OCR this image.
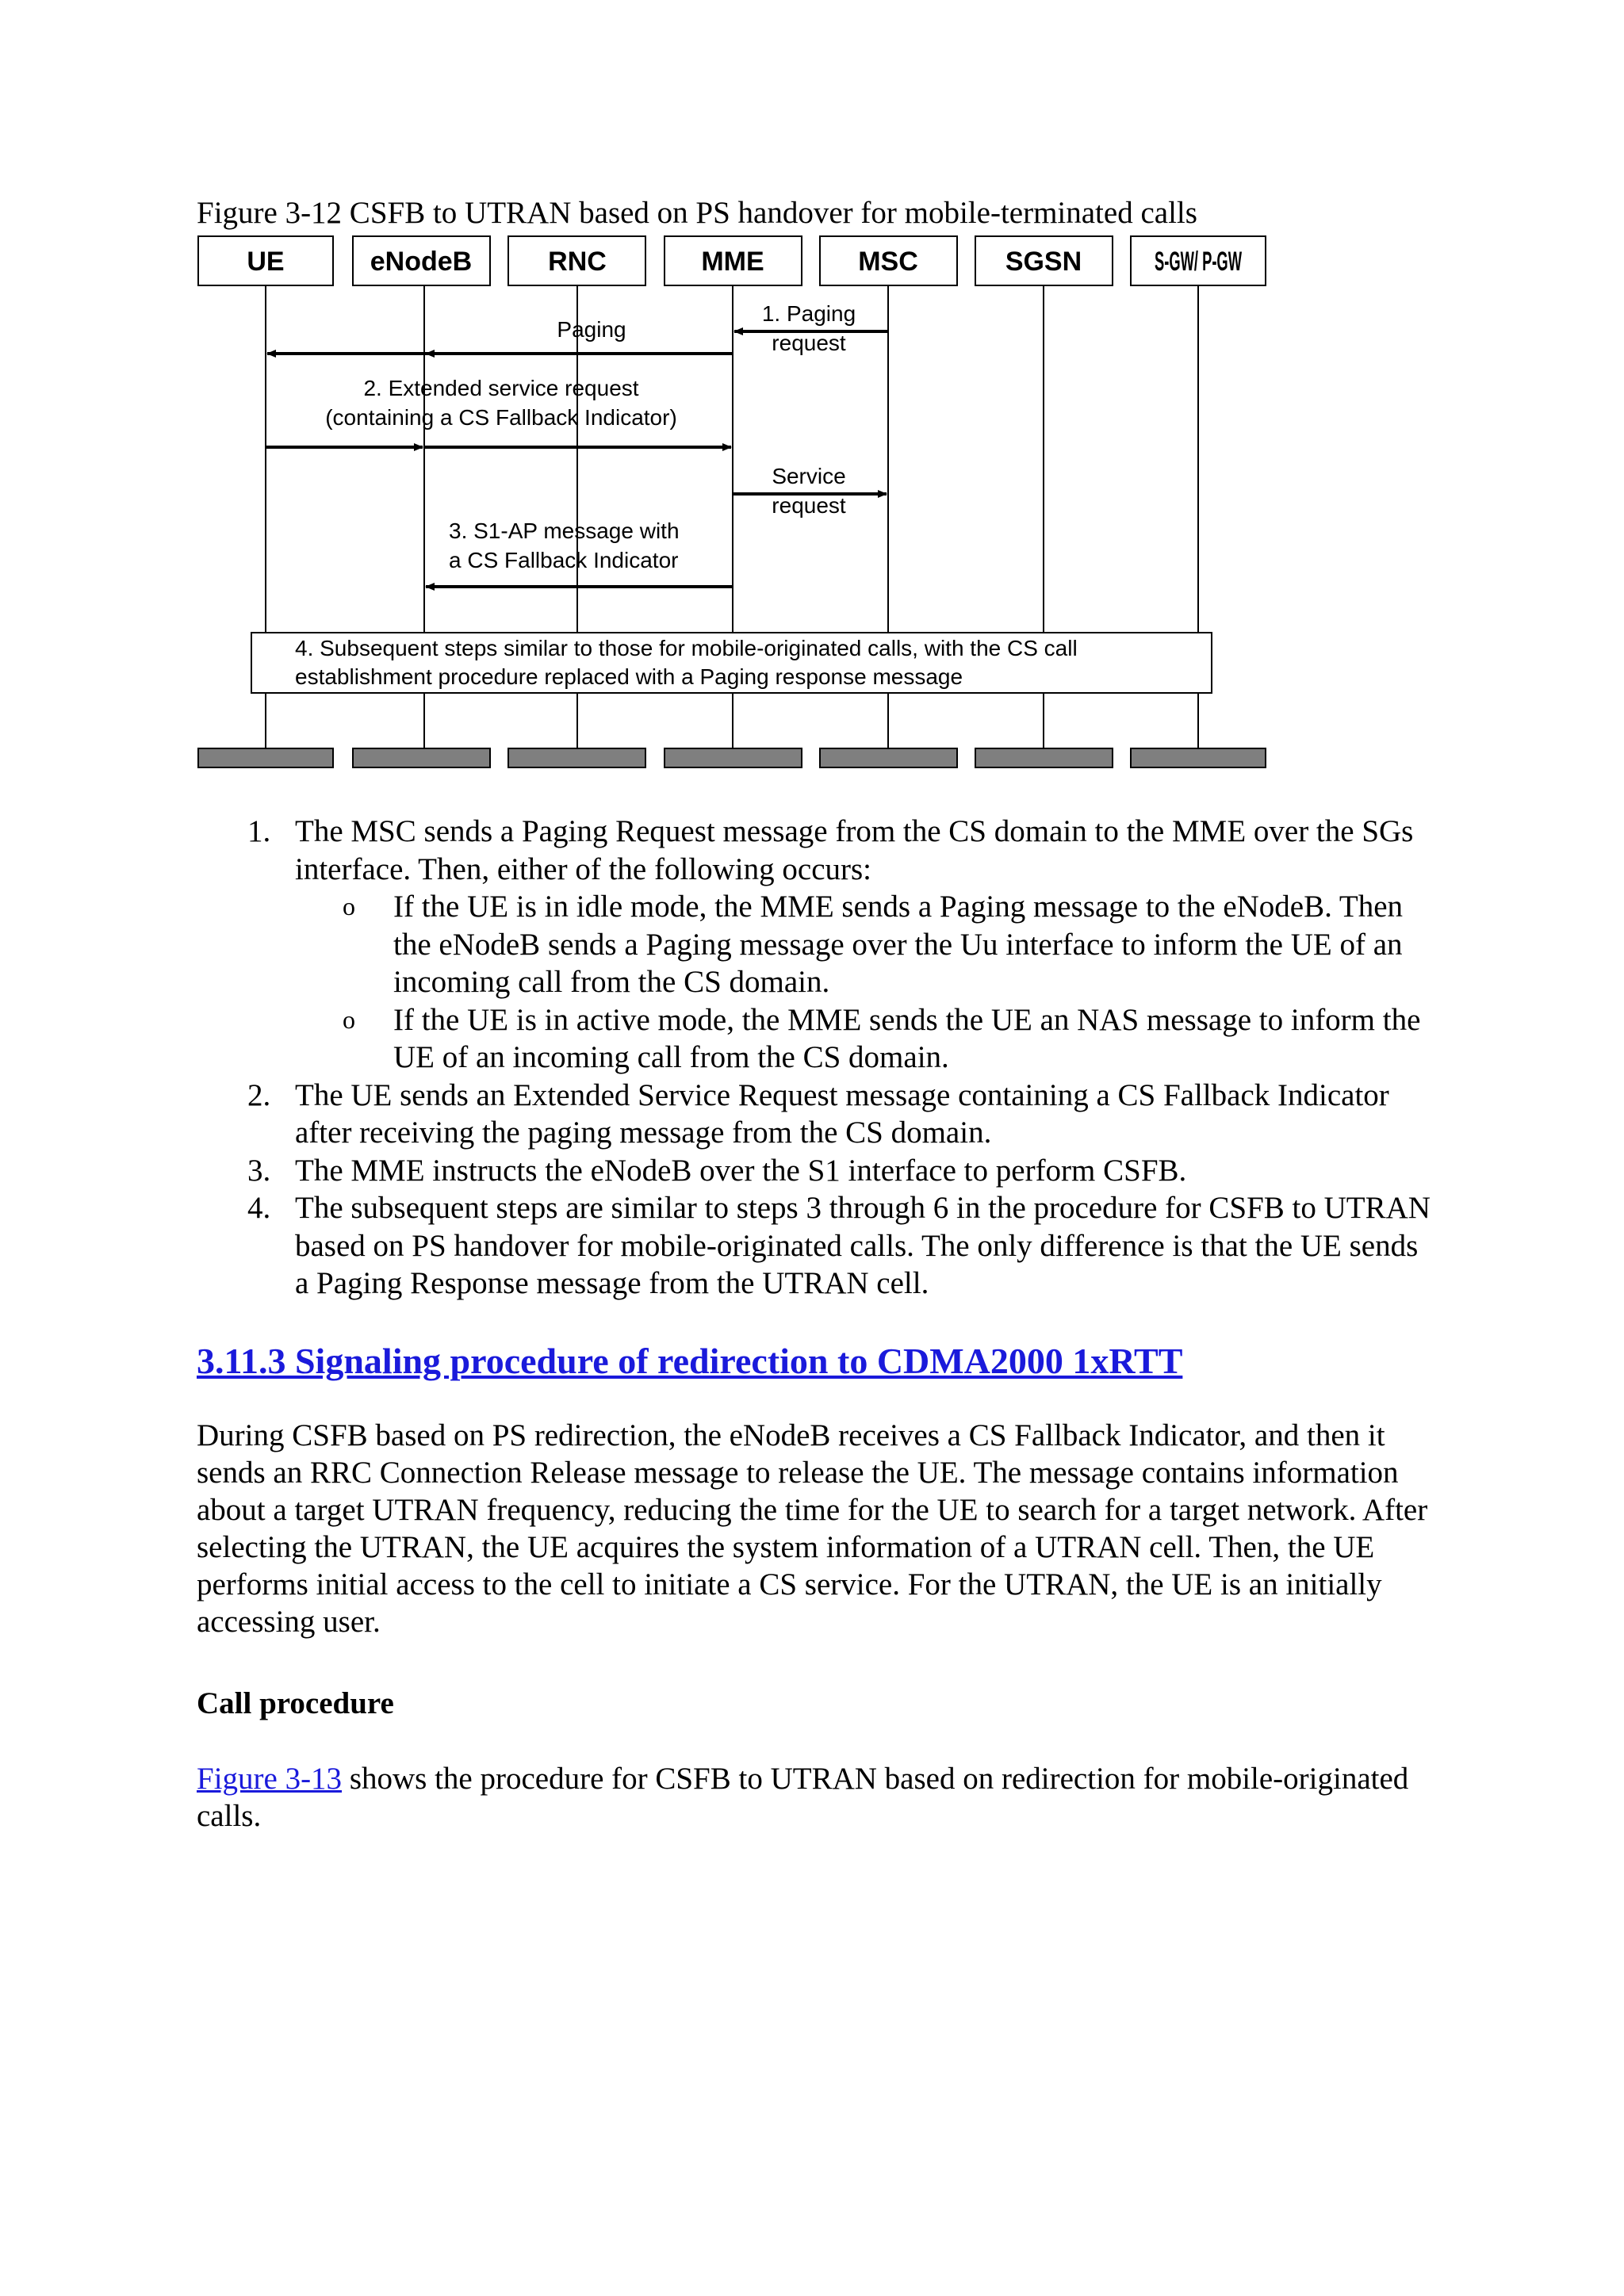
Figure 3-12 CSFB to UTRAN based on PS handover for mobile-terminated calls
UE	eNodeB	RNC	MME	MSC	SGSN	S-GW/ P-GW
1. Paging
request
Paging
2. Extended service request
(containing a CS Fallback Indicator)
Service
request
3. S1-AP message with
a CS Fallback Indicator
4. Subsequent steps similar to those for mobile-originated calls, with the CS call
establishment procedure replaced with a Paging response message
1. The MSC sends a Paging Request message from the CS domain to the MME over the SGs interface. Then, either of the following occurs:
o If the UE is in idle mode, the MME sends a Paging message to the eNodeB. Then the eNodeB sends a Paging message over the Uu interface to inform the UE of an incoming call from the CS domain.
o If the UE is in active mode, the MME sends the UE an NAS message to inform the UE of an incoming call from the CS domain.
2. The UE sends an Extended Service Request message containing a CS Fallback Indicator after receiving the paging message from the CS domain.
3. The MME instructs the eNodeB over the S1 interface to perform CSFB.
4. The subsequent steps are similar to steps 3 through 6 in the procedure for CSFB to UTRAN based on PS handover for mobile-originated calls. The only difference is that the UE sends a Paging Response message from the UTRAN cell.
3.11.3 Signaling procedure of redirection to CDMA2000 1xRTT

During CSFB based on PS redirection, the eNodeB receives a CS Fallback Indicator, and then it sends an RRC Connection Release message to release the UE. The message contains information about a target UTRAN frequency, reducing the time for the UE to search for a target network. After selecting the UTRAN, the UE acquires the system information of a UTRAN cell. Then, the UE performs initial access to the cell to initiate a CS service. For the UTRAN, the UE is an initially accessing user.

Call procedure

Figure 3-13 shows the procedure for CSFB to UTRAN based on redirection for mobile-originated calls.
